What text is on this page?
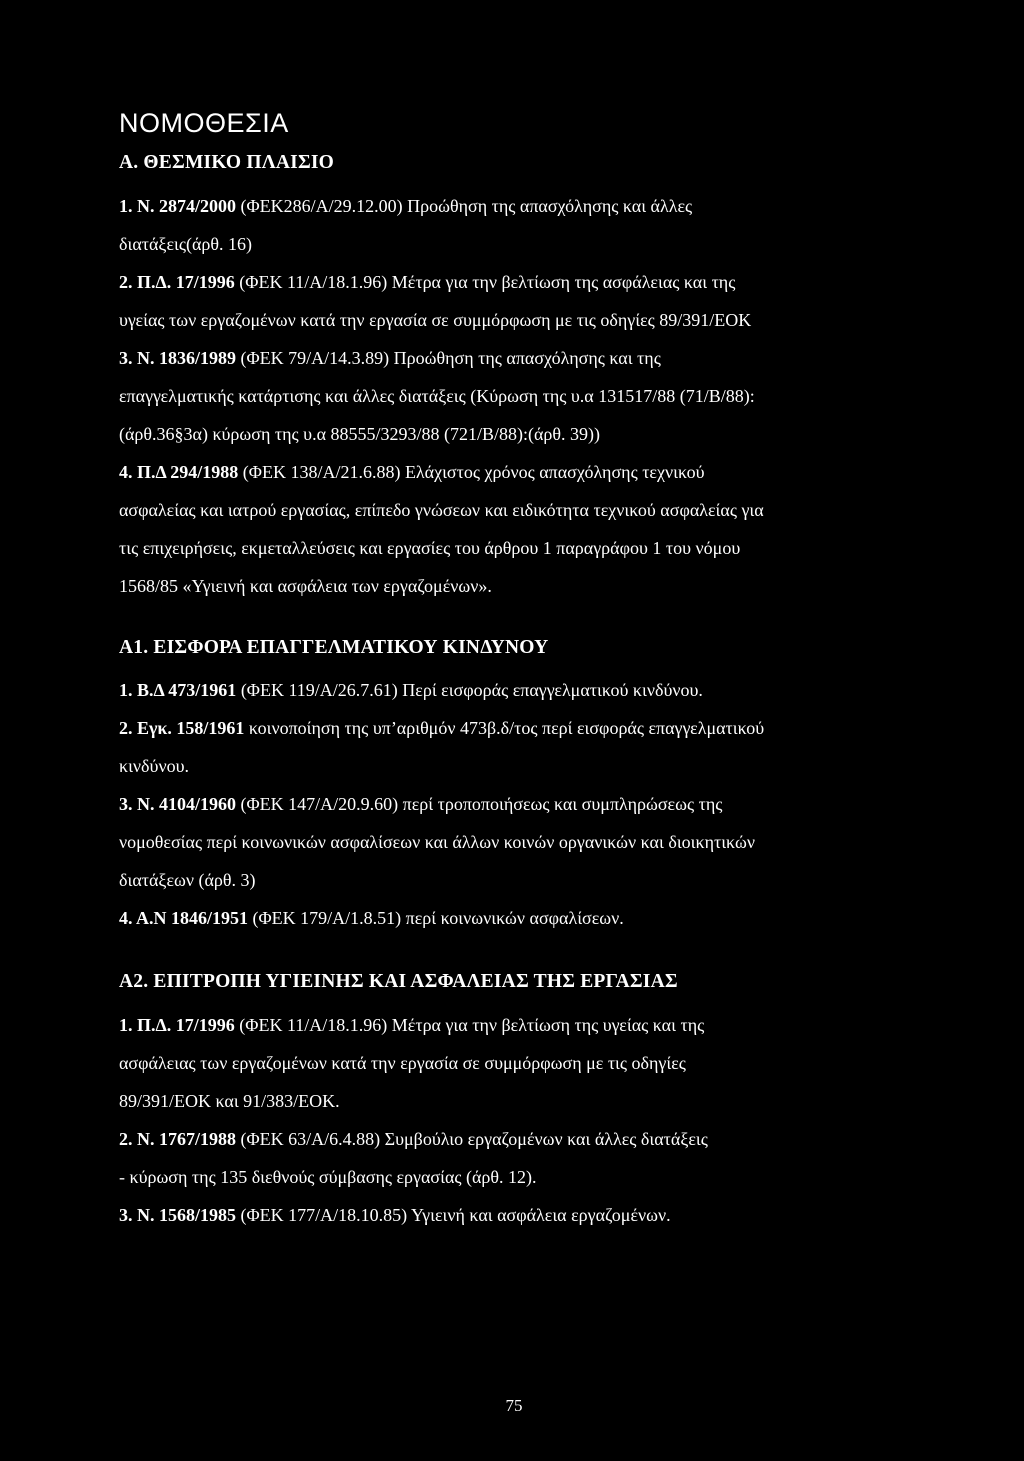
ΝΟΜΟΘΕΣΙΑ
Α. ΘΕΣΜΙΚΟ ΠΛΑΙΣΙΟ
1. Ν. 2874/2000 (ΦΕΚ286/Α/29.12.00) Προώθηση της απασχόλησης και άλλες
διατάξεις(άρθ. 16)
2. Π.Δ. 17/1996 (ΦΕΚ 11/Α/18.1.96) Μέτρα για την βελτίωση της ασφάλειας και της
υγείας των εργαζομένων κατά την εργασία σε συμμόρφωση με τις οδηγίες 89/391/ΕΟΚ
3. Ν. 1836/1989 (ΦΕΚ 79/Α/14.3.89) Προώθηση της απασχόλησης και της
επαγγελματικής κατάρτισης και άλλες διατάξεις (Κύρωση της υ.α 131517/88 (71/Β/88):
(άρθ.36§3α) κύρωση της υ.α 88555/3293/88 (721/Β/88):(άρθ. 39))
4. Π.Δ 294/1988 (ΦΕΚ 138/Α/21.6.88) Ελάχιστος χρόνος απασχόλησης τεχνικού
ασφαλείας και ιατρού εργασίας, επίπεδο γνώσεων και ειδικότητα τεχνικού ασφαλείας για
τις επιχειρήσεις, εκμεταλλεύσεις και εργασίες του άρθρου 1 παραγράφου 1 του νόμου
1568/85 «Υγιεινή και ασφάλεια των εργαζομένων».
Α1. ΕΙΣΦΟΡΑ ΕΠΑΓΓΕΛΜΑΤΙΚΟΥ ΚΙΝΔΥΝΟΥ
1. Β.Δ 473/1961 (ΦΕΚ 119/Α/26.7.61) Περί εισφοράς επαγγελματικού κινδύνου.
2. Εγκ. 158/1961 κοινοποίηση της υπ’αριθμόν 473β.δ/τος περί εισφοράς επαγγελματικού
κινδύνου.
3. Ν. 4104/1960 (ΦΕΚ 147/Α/20.9.60) περί τροποποιήσεως και συμπληρώσεως της
νομοθεσίας περί κοινωνικών ασφαλίσεων και άλλων κοινών οργανικών και διοικητικών
διατάξεων (άρθ. 3)
4. Α.Ν 1846/1951 (ΦΕΚ 179/Α/1.8.51) περί κοινωνικών ασφαλίσεων.
Α2. ΕΠΙΤΡΟΠΗ ΥΓΙΕΙΝΗΣ ΚΑΙ ΑΣΦΑΛΕΙΑΣ ΤΗΣ ΕΡΓΑΣΙΑΣ
1. Π.Δ. 17/1996 (ΦΕΚ 11/Α/18.1.96) Μέτρα για την βελτίωση της υγείας και της
ασφάλειας των εργαζομένων κατά την εργασία σε συμμόρφωση με τις οδηγίες
89/391/ΕΟΚ και 91/383/ΕΟΚ.
2. Ν. 1767/1988 (ΦΕΚ 63/Α/6.4.88) Συμβούλιο εργαζομένων και άλλες διατάξεις
- κύρωση της 135 διεθνούς σύμβασης εργασίας (άρθ. 12).
3. Ν. 1568/1985 (ΦΕΚ 177/Α/18.10.85) Υγιεινή και ασφάλεια εργαζομένων.
75
